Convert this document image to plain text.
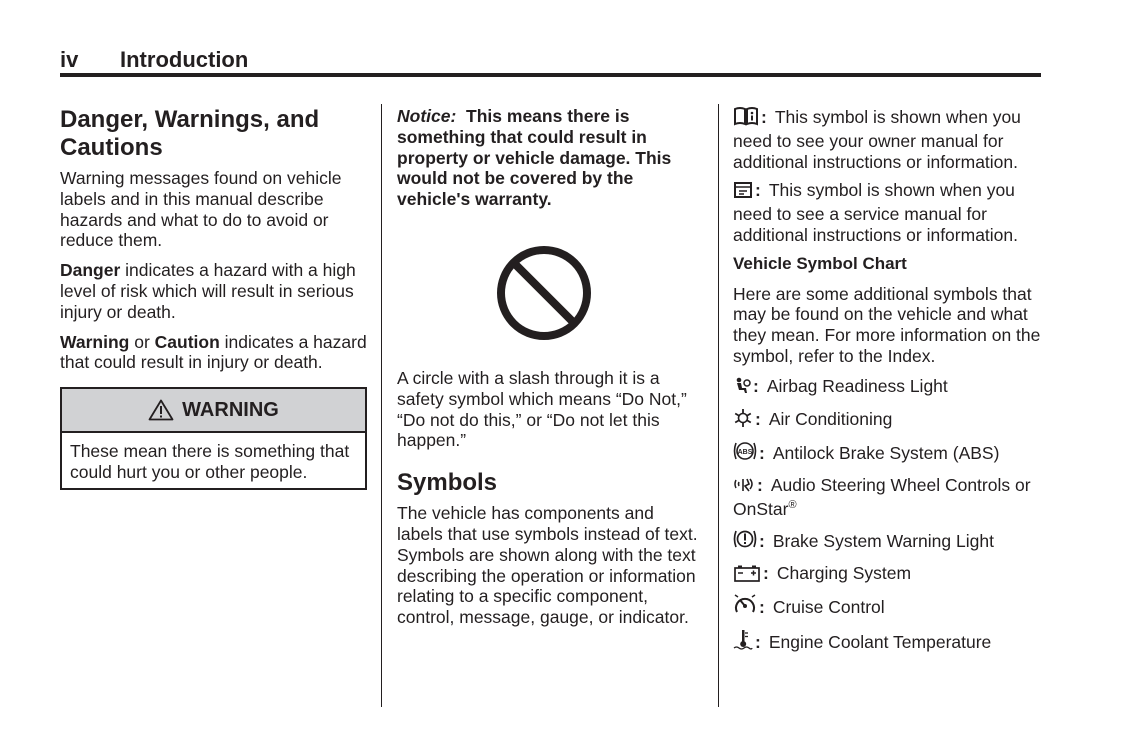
iv Introduction
Danger, Warnings, and Cautions

Warning messages found on vehicle labels and in this manual describe hazards and what to do to avoid or reduce them.

Danger indicates a hazard with a high level of risk which will result in serious injury or death.

Warning or Caution indicates a hazard that could result in injury or death.

WARNING
These mean there is something that could hurt you or other people.

Notice: This means there is something that could result in property or vehicle damage. This would not be covered by the vehicle's warranty.

A circle with a slash through it is a safety symbol which means “Do Not,” “Do not do this,” or “Do not let this happen.”

Symbols

The vehicle has components and labels that use symbols instead of text. Symbols are shown along with the text describing the operation or information relating to a specific component, control, message, gauge, or indicator.

: This symbol is shown when you need to see your owner manual for additional instructions or information.

: This symbol is shown when you need to see a service manual for additional instructions or information.

Vehicle Symbol Chart

Here are some additional symbols that may be found on the vehicle and what they mean. For more information on the symbol, refer to the Index.

: Airbag Readiness Light

: Air Conditioning

ABS : Antilock Brake System (ABS)

: Audio Steering Wheel Controls or OnStar®

: Brake System Warning Light

: Charging System

: Cruise Control

: Engine Coolant Temperature
